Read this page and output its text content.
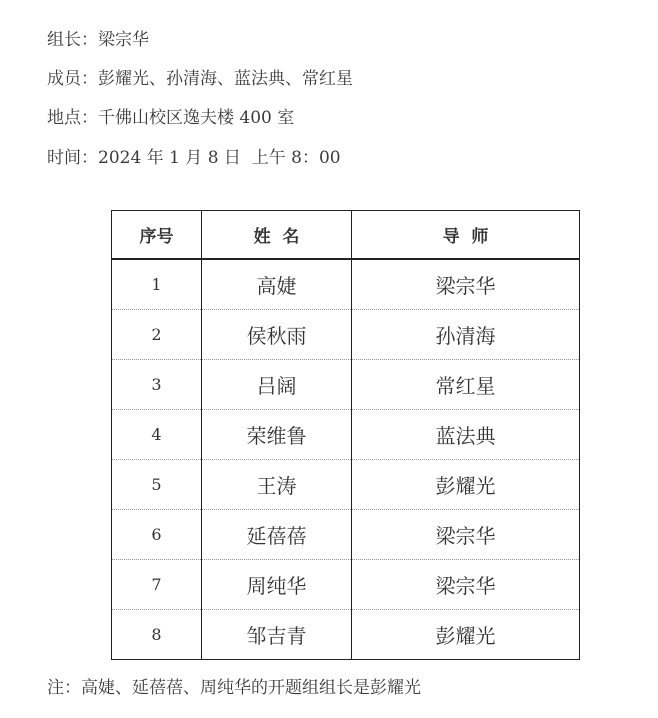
组长：梁宗华
成员：彭耀光、孙清海、蓝法典、常红星
地点：千佛山校区逸夫楼 400 室
时间：2024 年 1 月 8 日  上午 8：00
序号	姓  名	导  师
1	高婕	梁宗华
2	侯秋雨	孙清海
3	吕阔	常红星
4	荣维鲁	蓝法典
5	王涛	彭耀光
6	延蓓蓓	梁宗华
7	周纯华	梁宗华
8	邹吉青	彭耀光
注：高婕、延蓓蓓、周纯华的开题组组长是彭耀光
